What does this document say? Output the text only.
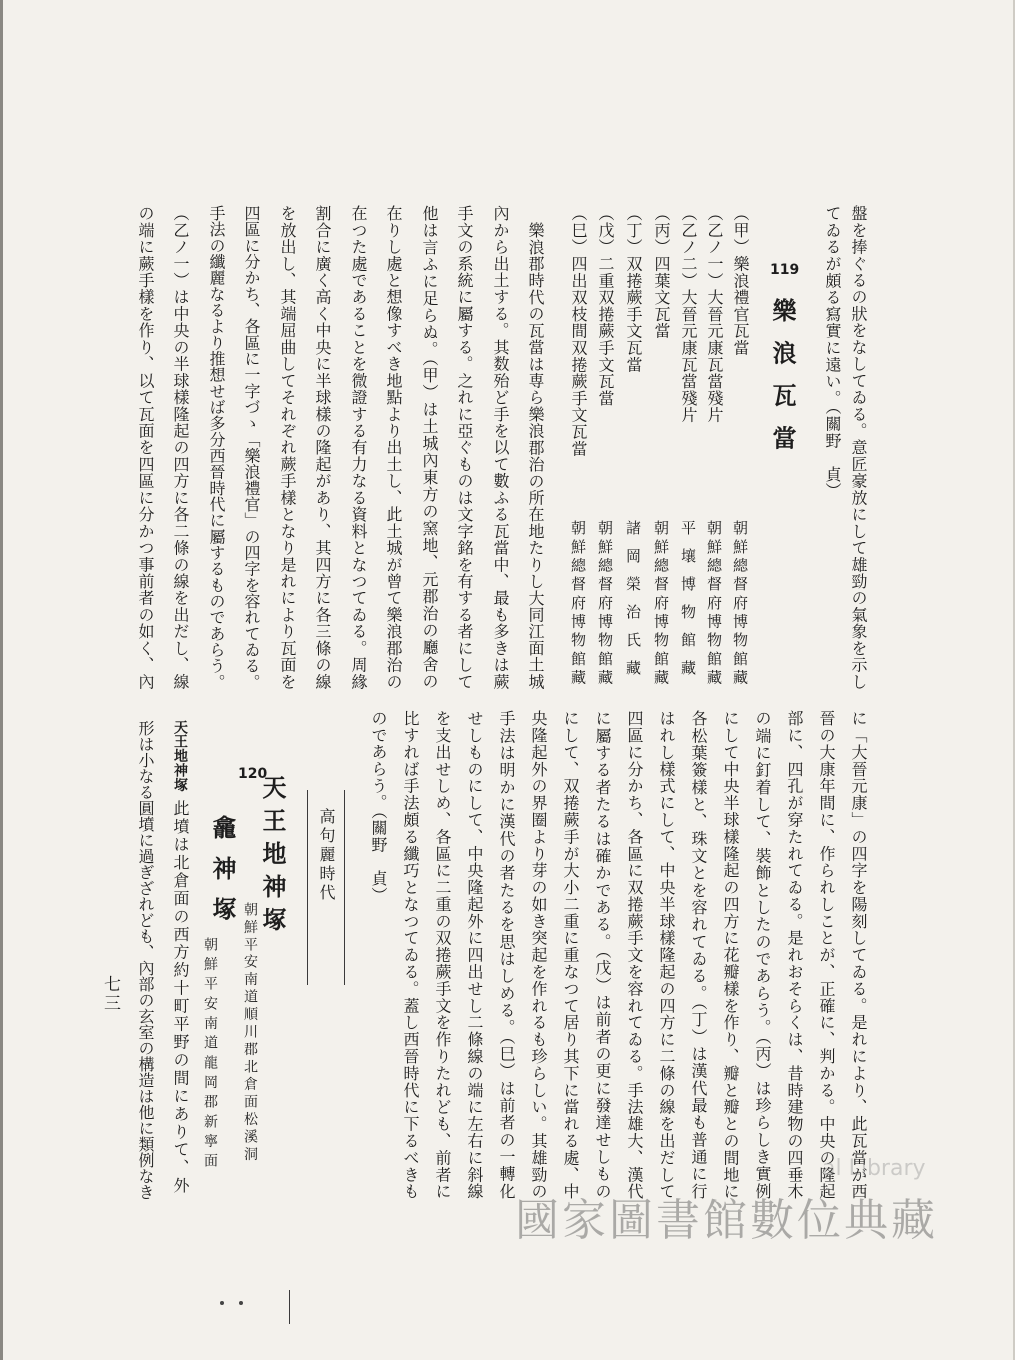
盤を捧ぐるの狀をなしてゐる。意匠豪放にして雄勁の氣象を示し
てゐるが頗る寫實に遠い。（關野　貞）
119
樂浪瓦當
（甲）樂浪禮官瓦當
朝鮮總督府博物館藏
（乙ノ一）大晉元康瓦當殘片
朝鮮總督府博物館藏
（乙ノ二）大晉元康瓦當殘片
平壤博物館藏
（丙）四葉文瓦當
朝鮮總督府博物館藏
（丁）双捲蕨手文瓦當
諸岡榮治氏藏
（戊）二重双捲蕨手文瓦當
朝鮮總督府博物館藏
（巳）四出双枝間双捲蕨手文瓦當
朝鮮總督府博物館藏
樂浪郡時代の瓦當は専ら樂浪郡治の所在地たりし大同江面土城
內から出土する。其数殆ど手を以て數ふる瓦當中、最も多きは蕨
手文の系統に屬する。之れに亞ぐものは文字銘を有する者にして
他は言ふに足らぬ。（甲）は土城內東方の窯地、元郡治の廳舍の
在りし處と想像すべき地點より出土し、此土城が曾て樂浪郡治の
在つた處であることを微證する有力なる資料となつてゐる。周緣
割合に廣く高く中央に半球樣の隆起があり、其四方に各三條の線
を放出し、其端屈曲してそれぞれ蕨手樣となり是れにより瓦面を
四區に分かち、各區に一字づゝ「樂浪禮官」の四字を容れてゐる。
手法の纖麗なるより推想せば多分西晉時代に屬するものであらう。
（乙ノ一）は中央の半球樣隆起の四方に各二條の線を出だし、線
の端に蕨手樣を作り、以て瓦面を四區に分かつ事前者の如く、內
に「大晉元康」の四字を陽刻してゐる。是れにより、此瓦當が西
晉の大康年間に、作られしことが、正確に、判かる。中央の隆起
部に、四孔が穿たれてゐる。是れおそらくは、昔時建物の四垂木
の端に釘着して、裝飾としたのであらう。（丙）は珍らしき實例
にして中央半球樣隆起の四方に花瓣樣を作り、瓣と瓣との間地に
各松葉簽樣と、珠文とを容れてゐる。（丁）は漢代最も普通に行
はれし樣式にして、中央半球樣隆起の四方に二條の線を出だして
四區に分かち、各區に双捲蕨手文を容れてゐる。手法雄大、漢代
に屬する者たるは確かである。（戊）は前者の更に發達せしもの
にして、双捲蕨手が大小二重に重なつて居り其下に當れる處、中
央隆起外の界圈より芽の如き突起を作れるも珍らしい。其雄勁の
手法は明かに漢代の者たるを思はしめる。（巳）は前者の一轉化
せしものにして、中央隆起外に四出せし二條線の端に左右に斜線
を支出せしめ、各區に二重の双捲蕨手文を作りたれども、前者に
比すれば手法頗る纖巧となつてゐる。蓋し西晉時代に下るべきも
のであらう。（關野　貞）
高句麗時代
天王地神塚
120
朝鮮平安南道順川郡北倉面松溪洞
龕神塚
朝鮮平安南道龍岡郡新寧面
天王地神塚
此墳は北倉面の西方約十町平野の間にありて、外
形は小なる圓墳に過ぎざれども、內部の玄室の構造は他に類例なき
七三
al Library
國家圖書館數位典藏
